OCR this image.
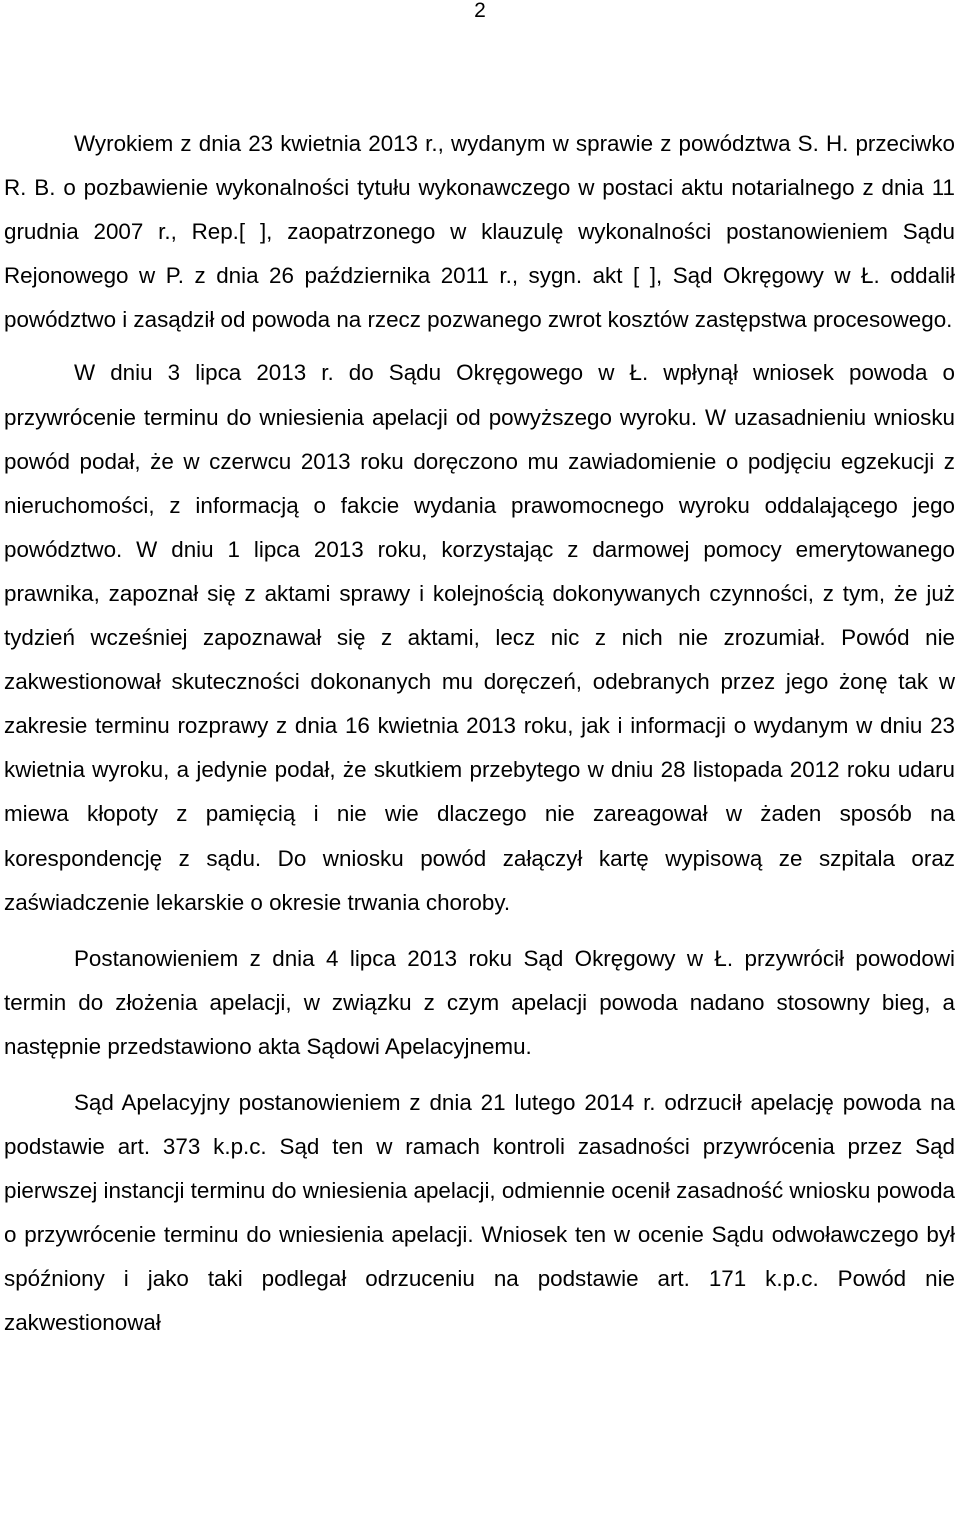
2

Wyrokiem z dnia 23 kwietnia 2013 r., wydanym w sprawie z powództwa S. H. przeciwko R. B. o pozbawienie wykonalności tytułu wykonawczego w postaci aktu notarialnego z dnia 11 grudnia 2007 r., Rep.[ ], zaopatrzonego w klauzulę wykonalności postanowieniem Sądu Rejonowego w P. z dnia 26 października 2011 r., sygn. akt [ ], Sąd Okręgowy w Ł. oddalił powództwo i zasądził od powoda na rzecz pozwanego zwrot kosztów zastępstwa procesowego.

W dniu 3 lipca 2013 r. do Sądu Okręgowego w Ł. wpłynął wniosek powoda o przywrócenie terminu do wniesienia apelacji od powyższego wyroku. W uzasadnieniu wniosku powód podał, że w czerwcu 2013 roku doręczono mu zawiadomienie o podjęciu egzekucji z nieruchomości, z informacją o fakcie wydania prawomocnego wyroku oddalającego jego powództwo. W dniu 1 lipca 2013 roku, korzystając z darmowej pomocy emerytowanego prawnika, zapoznał się z aktami sprawy i kolejnością dokonywanych czynności, z tym, że już tydzień wcześniej zapoznawał się z aktami, lecz nic z nich nie zrozumiał. Powód nie zakwestionował skuteczności dokonanych mu doręczeń, odebranych przez jego żonę tak w zakresie terminu rozprawy z dnia 16 kwietnia 2013 roku, jak i informacji o wydanym w dniu 23 kwietnia wyroku, a jedynie podał, że skutkiem przebytego w dniu 28 listopada 2012 roku udaru miewa kłopoty z pamięcią i nie wie dlaczego nie zareagował w żaden sposób na korespondencję z sądu. Do wniosku powód załączył kartę wypisową ze szpitala oraz zaświadczenie lekarskie o okresie trwania choroby.

Postanowieniem z dnia 4 lipca 2013 roku Sąd Okręgowy w Ł. przywrócił powodowi termin do złożenia apelacji, w związku z czym apelacji powoda nadano stosowny bieg, a następnie przedstawiono akta Sądowi Apelacyjnemu.

Sąd Apelacyjny postanowieniem z dnia 21 lutego 2014 r. odrzucił apelację powoda na podstawie art. 373 k.p.c. Sąd ten w ramach kontroli zasadności przywrócenia przez Sąd pierwszej instancji terminu do wniesienia apelacji, odmiennie ocenił zasadność wniosku powoda o przywrócenie terminu do wniesienia apelacji. Wniosek ten w ocenie Sądu odwoławczego był spóźniony i jako taki podlegał odrzuceniu na podstawie art. 171 k.p.c. Powód nie zakwestionował
